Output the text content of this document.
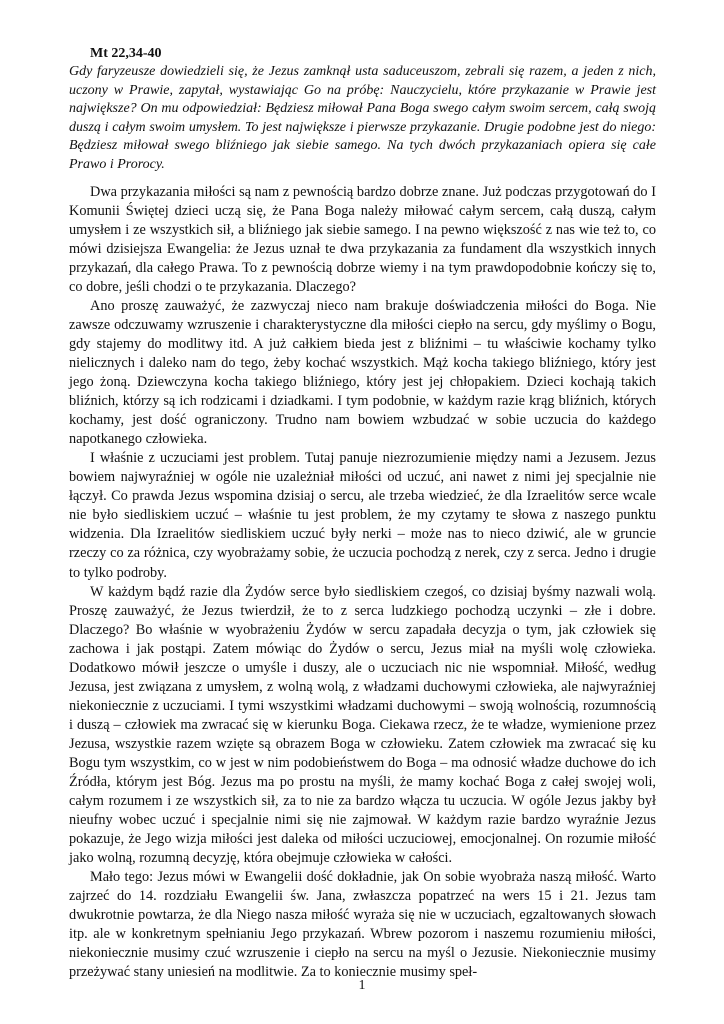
Mt 22,34-40

Gdy faryzeusze dowiedzieli się, że Jezus zamknął usta saduceuszom, zebrali się razem, a jeden z nich, uczony w Prawie, zapytał, wystawiając Go na próbę: Nauczycielu, które przykazanie w Prawie jest największe? On mu odpowiedział: Będziesz miłował Pana Boga swego całym swoim sercem, całą swoją duszą i całym swoim umysłem. To jest największe i pierwsze przykazanie. Drugie podobne jest do niego: Będziesz miłował swego bliźniego jak siebie samego. Na tych dwóch przykazaniach opiera się całe Prawo i Prorocy.

Dwa przykazania miłości są nam z pewnością bardzo dobrze znane. Już podczas przygotowań do I Komunii Świętej dzieci uczą się, że Pana Boga należy miłować całym sercem, całą duszą, całym umysłem i ze wszystkich sił, a bliźniego jak siebie samego. I na pewno większość z nas wie też to, co mówi dzisiejsza Ewangelia: że Jezus uznał te dwa przykazania za fundament dla wszystkich innych przykazań, dla całego Prawa. To z pewnością dobrze wiemy i na tym prawdopodobnie kończy się to, co dobre, jeśli chodzi o te przykazania. Dlaczego?

Ano proszę zauważyć, że zazwyczaj nieco nam brakuje doświadczenia miłości do Boga. Nie zawsze odczuwamy wzruszenie i charakterystyczne dla miłości ciepło na sercu, gdy myślimy o Bogu, gdy stajemy do modlitwy itd. A już całkiem bieda jest z bliźnimi – tu właściwie kochamy tylko nielicznych i daleko nam do tego, żeby kochać wszystkich. Mąż kocha takiego bliźniego, który jest jego żoną. Dziewczyna kocha takiego bliźniego, który jest jej chłopakiem. Dzieci kochają takich bliźnich, którzy są ich rodzicami i dziadkami. I tym podobnie, w każdym razie krąg bliźnich, których kochamy, jest dość ograniczony. Trudno nam bowiem wzbudzać w sobie uczucia do każdego napotkanego człowieka.

I właśnie z uczuciami jest problem. Tutaj panuje niezrozumienie między nami a Jezusem. Jezus bowiem najwyraźniej w ogóle nie uzależniał miłości od uczuć, ani nawet z nimi jej specjalnie nie łączył. Co prawda Jezus wspomina dzisiaj o sercu, ale trzeba wiedzieć, że dla Izraelitów serce wcale nie było siedliskiem uczuć – właśnie tu jest problem, że my czytamy te słowa z naszego punktu widzenia. Dla Izraelitów siedliskiem uczuć były nerki – może nas to nieco dziwić, ale w gruncie rzeczy co za różnica, czy wyobrażamy sobie, że uczucia pochodzą z nerek, czy z serca. Jedno i drugie to tylko podroby.

W każdym bądź razie dla Żydów serce było siedliskiem czegoś, co dzisiaj byśmy nazwali wolą. Proszę zauważyć, że Jezus twierdził, że to z serca ludzkiego pochodzą uczynki – złe i dobre. Dlaczego? Bo właśnie w wyobrażeniu Żydów w sercu zapadała decyzja o tym, jak człowiek się zachowa i jak postąpi. Zatem mówiąc do Żydów o sercu, Jezus miał na myśli wolę człowieka. Dodatkowo mówił jeszcze o umyśle i duszy, ale o uczuciach nic nie wspomniał. Miłość, według Jezusa, jest związana z umysłem, z wolną wolą, z władzami duchowymi człowieka, ale najwyraźniej niekoniecznie z uczuciami. I tymi wszystkimi władzami duchowymi – swoją wolnością, rozumnością i duszą – człowiek ma zwracać się w kierunku Boga. Ciekawa rzecz, że te władze, wymienione przez Jezusa, wszystkie razem wzięte są obrazem Boga w człowieku. Zatem człowiek ma zwracać się ku Bogu tym wszystkim, co w jest w nim podobieństwem do Boga – ma odnosić władze duchowe do ich Źródła, którym jest Bóg. Jezus ma po prostu na myśli, że mamy kochać Boga z całej swojej woli, całym rozumem i ze wszystkich sił, za to nie za bardzo włącza tu uczucia. W ogóle Jezus jakby był nieufny wobec uczuć i specjalnie nimi się nie zajmował. W każdym razie bardzo wyraźnie Jezus pokazuje, że Jego wizja miłości jest daleka od miłości uczuciowej, emocjonalnej. On rozumie miłość jako wolną, rozumną decyzję, która obejmuje człowieka w całości.

Mało tego: Jezus mówi w Ewangelii dość dokładnie, jak On sobie wyobraża naszą miłość. Warto zajrzeć do 14. rozdziału Ewangelii św. Jana, zwłaszcza popatrzeć na wers 15 i 21. Jezus tam dwukrotnie powtarza, że dla Niego nasza miłość wyraża się nie w uczuciach, egzaltowanych słowach itp. ale w konkretnym spełnianiu Jego przykazań. Wbrew pozorom i naszemu rozumieniu miłości, niekoniecznie musimy czuć wzruszenie i ciepło na sercu na myśl o Jezusie. Niekoniecznie musimy przeżywać stany uniesień na modlitwie. Za to koniecznie musimy speł-

1
